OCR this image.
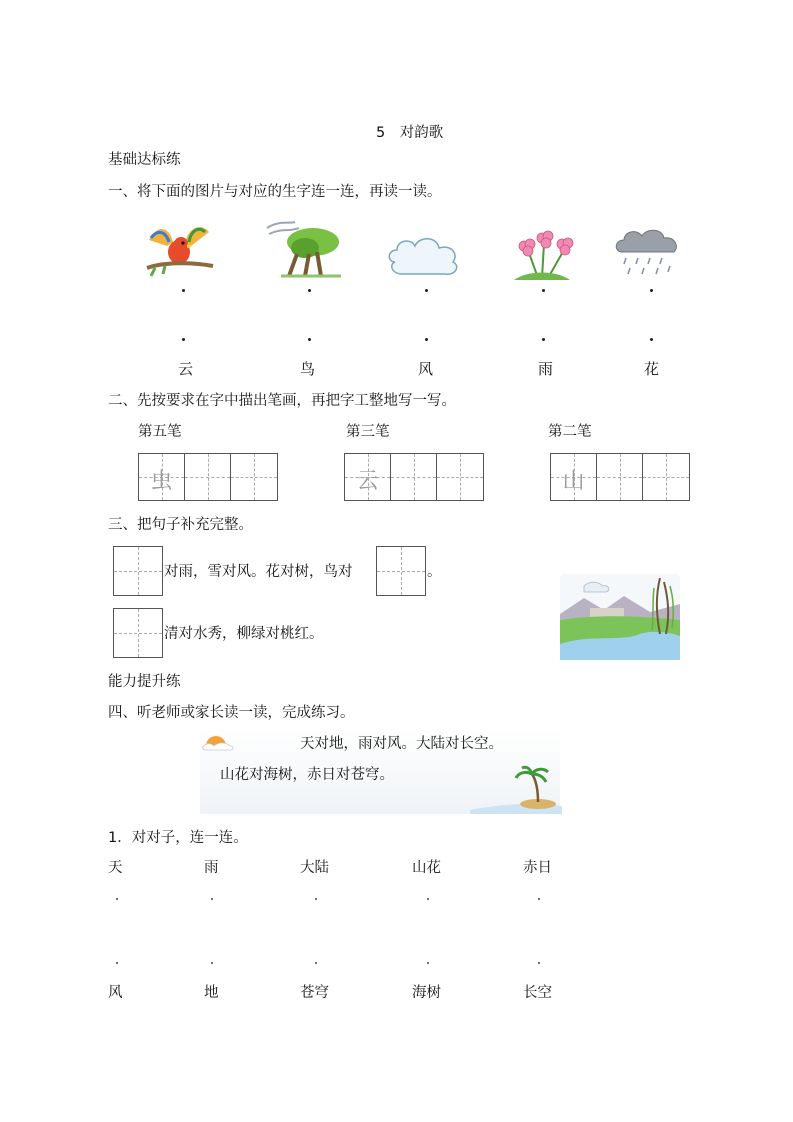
5　对韵歌
基础达标练
一、将下面的图片与对应的生字连一连，再读一读。
云	鸟	风	雨	花
二、先按要求在字中描出笔画，再把字工整地写一写。
第五笔	第三笔	第二笔
虫	云	山
三、把句子补充完整。
对雨，雪对风。花对树，鸟对	。
清对水秀，柳绿对桃红。
能力提升练
四、听老师或家长读一读，完成练习。
天对地，雨对风。大陆对长空。
山花对海树，赤日对苍穹。
1．对对子，连一连。
天	雨	大陆	山花	赤日
风	地	苍穹	海树	长空
